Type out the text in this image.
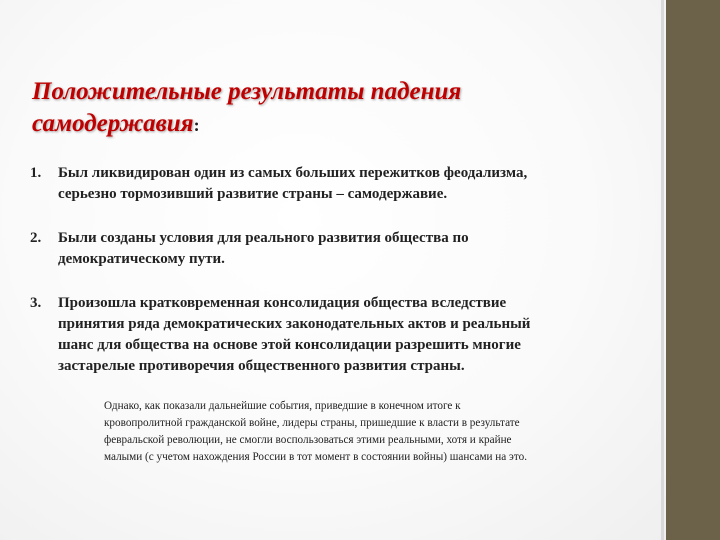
Положительные результаты падения
самодержавия:
1. Был ликвидирован один из самых больших пережитков феодализма,
серьезно тормозивший развитие страны – самодержавие.
2. Были созданы условия для реального развития общества по
демократическому пути.
3. Произошла кратковременная консолидация общества вследствие
принятия ряда демократических законодательных актов и реальный
шанс для общества на основе этой консолидации разрешить многие
застарелые противоречия общественного развития страны.
Однако, как показали дальнейшие события, приведшие в конечном итоге к
кровопролитной гражданской войне, лидеры страны, пришедшие к власти в результате
февральской революции, не смогли воспользоваться этими реальными, хотя и крайне
малыми (с учетом нахождения России в тот момент в состоянии войны) шансами на это.
